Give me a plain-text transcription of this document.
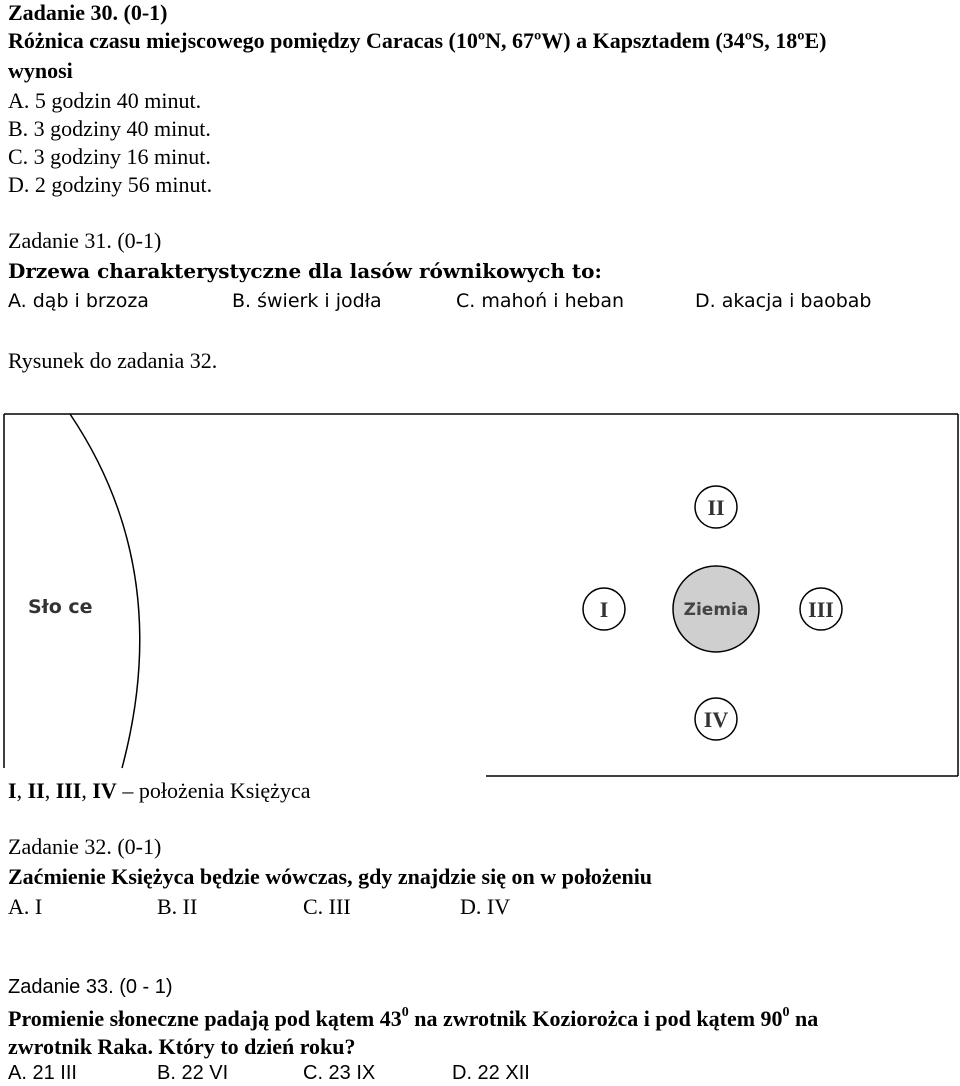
Zadanie 30. (0-1)
Różnica czasu miejscowego pomiędzy Caracas (10ºN, 67ºW) a Kapsztadem (34ºS, 18ºE)
wynosi
A. 5 godzin 40 minut.
B. 3 godziny 40 minut.
C. 3 godziny 16 minut.
D. 2 godziny 56 minut.
Zadanie 31. (0-1)
Drzewa charakterystyczne dla lasów równikowych to:
A. dąb i brzoza	B. świerk i jodła	C. mahoń i heban	D. akacja i baobab
Rysunek do zadania 32.
Sło ce	Ziemia
I
II
III
IV
I, II, III, IV – położenia Księżyca
Zadanie 32. (0-1)
Zaćmienie Księżyca będzie wówczas, gdy znajdzie się on w położeniu
A. I	B. II	C. III	D. IV
Zadanie 33. (0 - 1)
Promienie słoneczne padają pod kątem $43^0$ na zwrotnik Koziorożca i pod kątem $90^0$ na
zwrotnik Raka. Który to dzień roku?
A. 21 III	B. 22 VI	C. 23 IX	D. 22 XII
